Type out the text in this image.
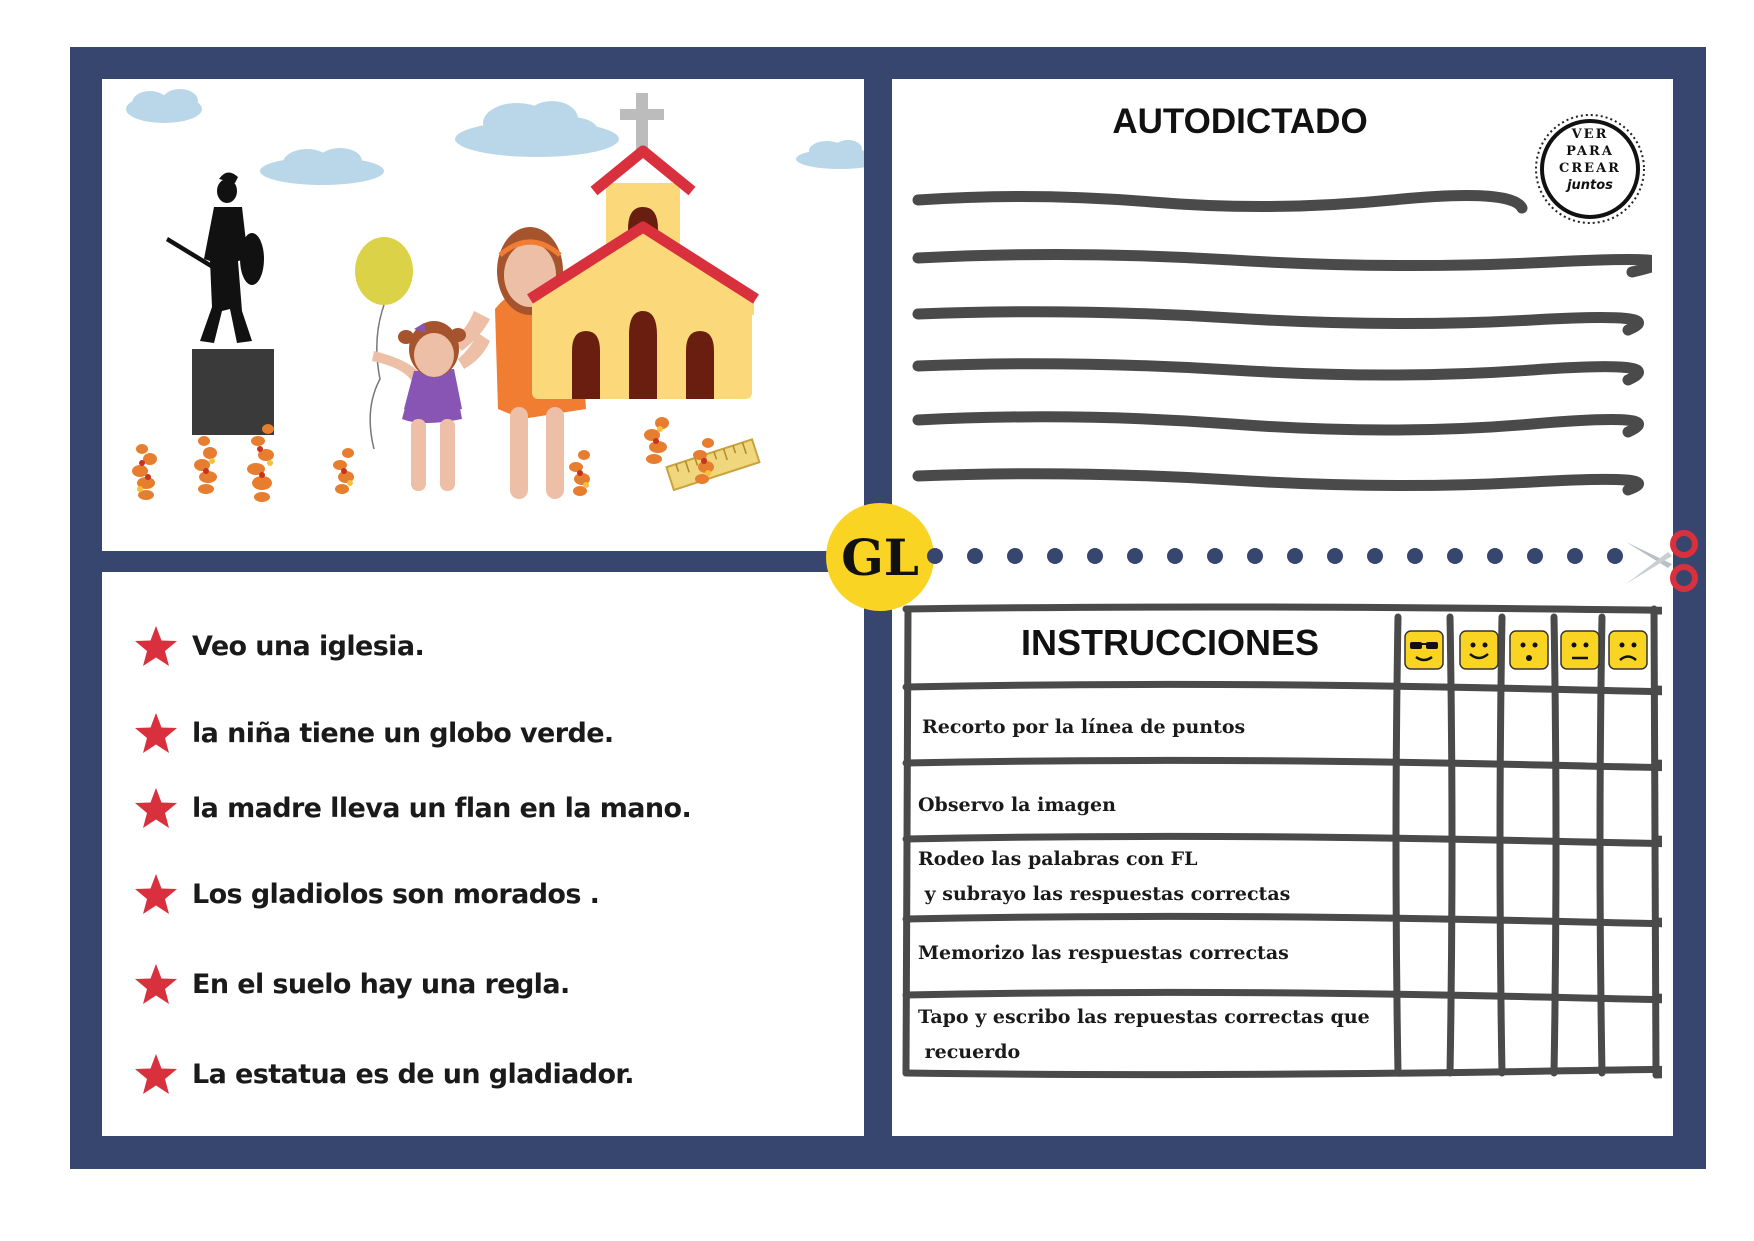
Veo una iglesia.
la niña tiene un globo verde.
la madre lleva un flan en la mano.
Los gladiolos son morados .
En el suelo hay una regla.
La estatua es de un gladiador.
AUTODICTADO	VER
PARA
CREAR
juntos
GL
INSTRUCCIONES
Recorto por la línea de puntos
Observo la imagen
Rodeo las palabras con FL
y subrayo las respuestas correctas
Memorizo las respuestas correctas
Tapo y escribo las repuestas correctas que
recuerdo
